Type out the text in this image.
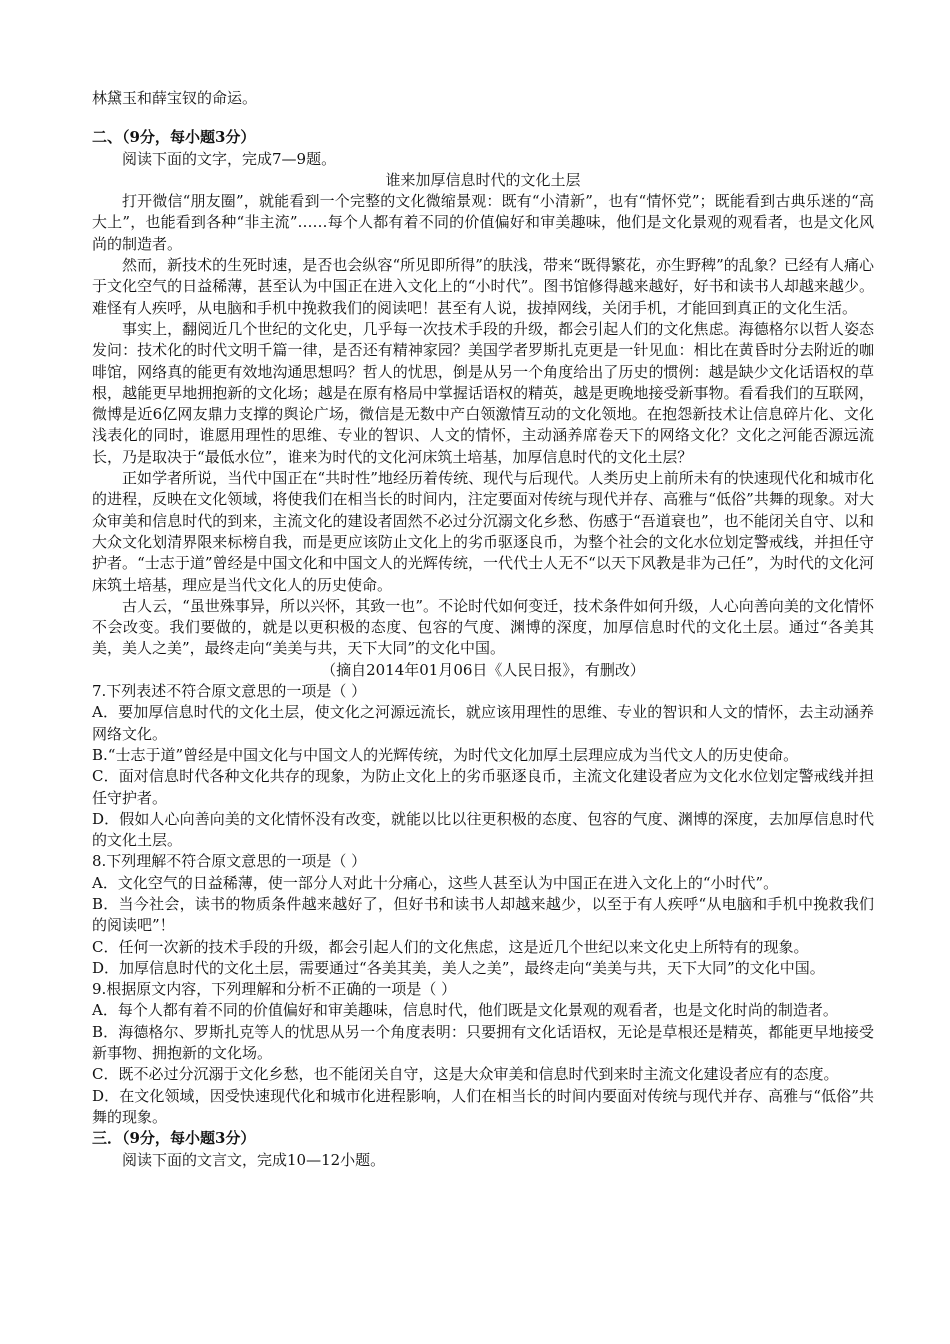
林黛玉和薛宝钗的命运。

二、（9分，每小题3分）

阅读下面的文字，完成7—9题。

谁来加厚信息时代的文化土层

打开微信“朋友圈”，就能看到一个完整的文化微缩景观：既有“小清新”，也有“情怀党”；既能看到古典乐迷的“高大上”，也能看到各种“非主流”……每个人都有着不同的价值偏好和审美趣味，他们是文化景观的观看者，也是文化风尚的制造者。

然而，新技术的生死时速，是否也会纵容“所见即所得”的肤浅，带来“既得繁花，亦生野稗”的乱象？已经有人痛心于文化空气的日益稀薄，甚至认为中国正在进入文化上的“小时代”。图书馆修得越来越好，好书和读书人却越来越少。难怪有人疾呼，从电脑和手机中挽救我们的阅读吧！甚至有人说，拔掉网线，关闭手机，才能回到真正的文化生活。

事实上，翻阅近几个世纪的文化史，几乎每一次技术手段的升级，都会引起人们的文化焦虑。海德格尔以哲人姿态发问：技术化的时代文明千篇一律，是否还有精神家园？美国学者罗斯扎克更是一针见血：相比在黄昏时分去附近的咖啡馆，网络真的能更有效地沟通思想吗？哲人的忧思，倒是从另一个角度给出了历史的惯例：越是缺少文化话语权的草根，越能更早地拥抱新的文化场；越是在原有格局中掌握话语权的精英，越是更晚地接受新事物。看看我们的互联网，微博是近6亿网友鼎力支撑的舆论广场，微信是无数中产白领激情互动的文化领地。在抱怨新技术让信息碎片化、文化浅表化的同时，谁愿用理性的思维、专业的智识、人文的情怀，主动涵养席卷天下的网络文化？文化之河能否源远流长，乃是取决于“最低水位”，谁来为时代的文化河床筑土培基，加厚信息时代的文化土层？

正如学者所说，当代中国正在“共时性”地经历着传统、现代与后现代。人类历史上前所未有的快速现代化和城市化的进程，反映在文化领域，将使我们在相当长的时间内，注定要面对传统与现代并存、高雅与“低俗”共舞的现象。对大众审美和信息时代的到来，主流文化的建设者固然不必过分沉溺文化乡愁、伤感于“吾道衰也”，也不能闭关自守、以和大众文化划清界限来标榜自我，而是更应该防止文化上的劣币驱逐良币，为整个社会的文化水位划定警戒线，并担任守护者。“士志于道”曾经是中国文化和中国文人的光辉传统，一代代士人无不“以天下风教是非为己任”，为时代的文化河床筑土培基，理应是当代文化人的历史使命。

古人云，“虽世殊事异，所以兴怀，其致一也”。不论时代如何变迁，技术条件如何升级，人心向善向美的文化情怀不会改变。我们要做的，就是以更积极的态度、包容的气度、渊博的深度，加厚信息时代的文化土层。通过“各美其美，美人之美”，最终走向“美美与共，天下大同”的文化中国。

（摘自2014年01月06日《人民日报》，有删改）

7.下列表述不符合原文意思的一项是（ ）

A．要加厚信息时代的文化土层，使文化之河源远流长，就应该用理性的思维、专业的智识和人文的情怀，去主动涵养网络文化。

B.“士志于道”曾经是中国文化与中国文人的光辉传统，为时代文化加厚土层理应成为当代文人的历史使命。

C．面对信息时代各种文化共存的现象，为防止文化上的劣币驱逐良币，主流文化建设者应为文化水位划定警戒线并担任守护者。

D．假如人心向善向美的文化情怀没有改变，就能以比以往更积极的态度、包容的气度、渊博的深度，去加厚信息时代的文化土层。

8.下列理解不符合原文意思的一项是（ ）

A．文化空气的日益稀薄，使一部分人对此十分痛心，这些人甚至认为中国正在进入文化上的“小时代”。

B．当今社会，读书的物质条件越来越好了，但好书和读书人却越来越少，以至于有人疾呼“从电脑和手机中挽救我们的阅读吧”！

C．任何一次新的技术手段的升级，都会引起人们的文化焦虑，这是近几个世纪以来文化史上所特有的现象。

D．加厚信息时代的文化土层，需要通过“各美其美，美人之美”，最终走向“美美与共，天下大同”的文化中国。

9.根据原文内容，下列理解和分析不正确的一项是（ ）

A．每个人都有着不同的价值偏好和审美趣味，信息时代，他们既是文化景观的观看者，也是文化时尚的制造者。

B．海德格尔、罗斯扎克等人的忧思从另一个角度表明：只要拥有文化话语权，无论是草根还是精英，都能更早地接受新事物、拥抱新的文化场。

C．既不必过分沉溺于文化乡愁，也不能闭关自守，这是大众审美和信息时代到来时主流文化建设者应有的态度。

D．在文化领域，因受快速现代化和城市化进程影响，人们在相当长的时间内要面对传统与现代并存、高雅与“低俗”共舞的现象。

三．（9分，每小题3分）

阅读下面的文言文，完成10—12小题。
